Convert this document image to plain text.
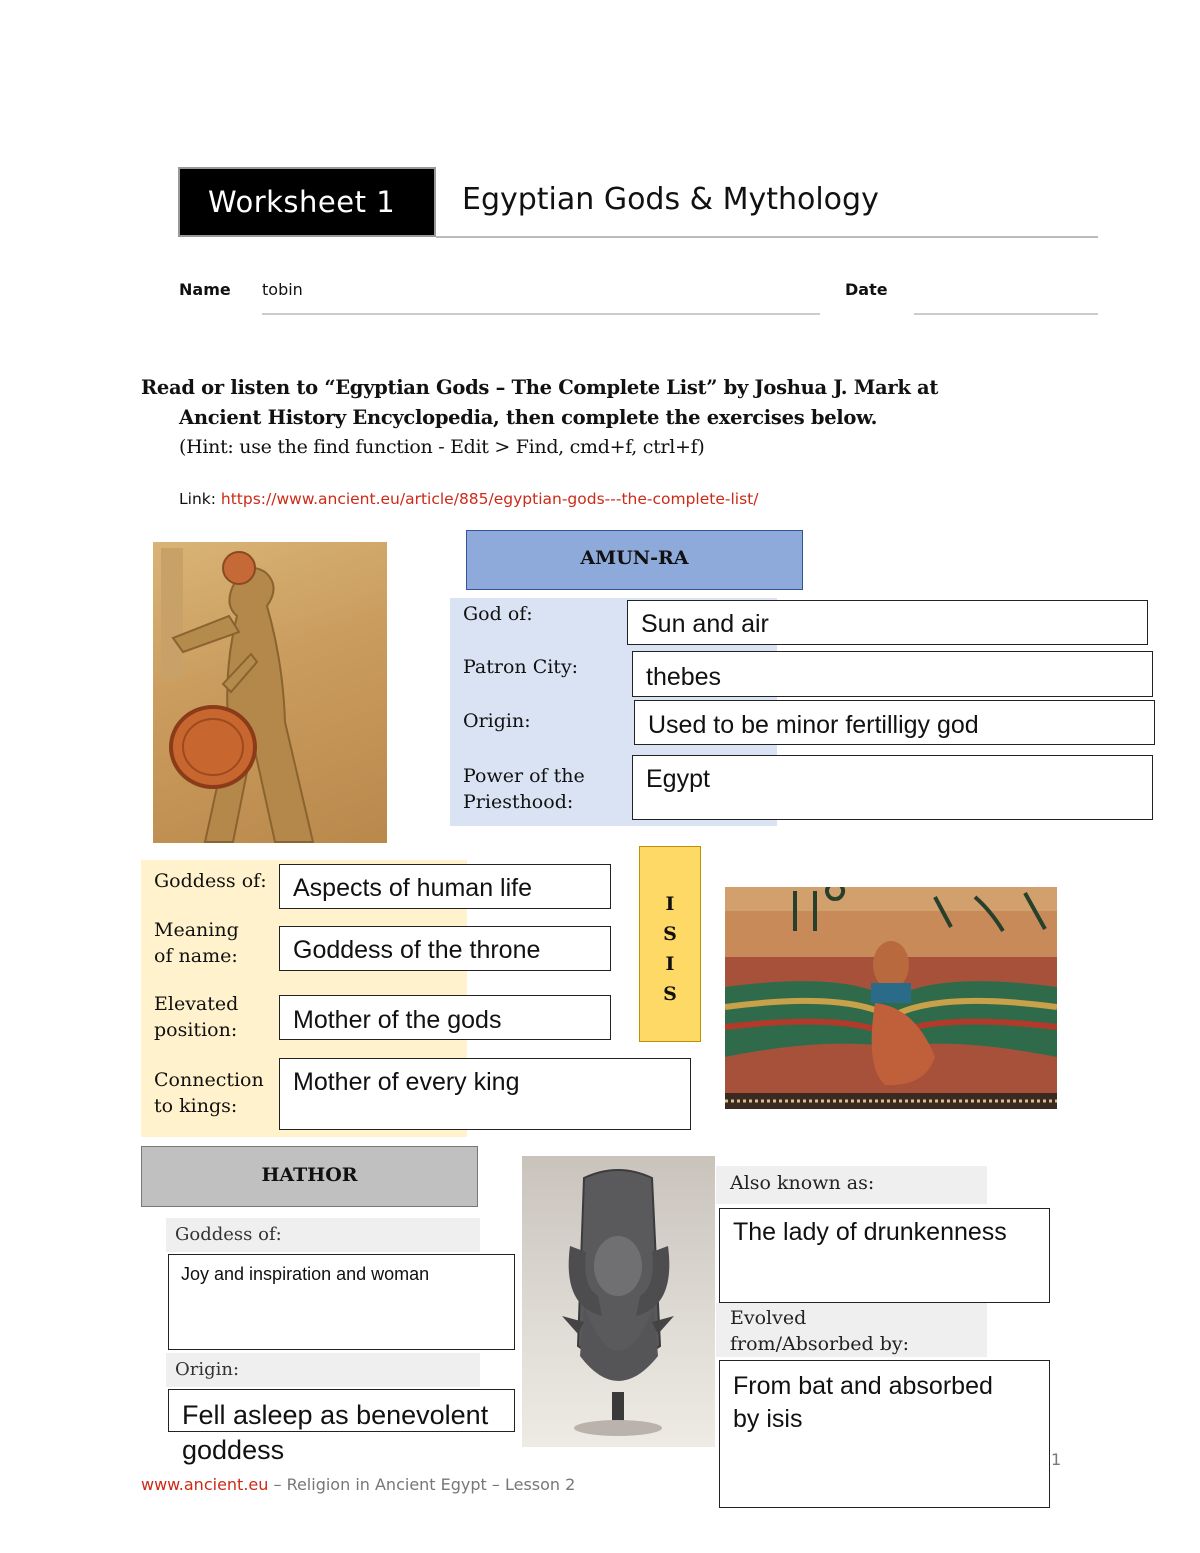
Worksheet 1 Egyptian Gods & Mythology
Name tobin	Date
Read or listen to “Egyptian Gods – The Complete List” by Joshua J. Mark at
Ancient History Encyclopedia, then complete the exercises below.
(Hint: use the find function - Edit > Find, cmd+f, ctrl+f)
Link: https://www.ancient.eu/article/885/egyptian-gods---the-complete-list/
AMUN-RA
God of:	Sun and air
Patron City:	thebes
Origin:	Used to be minor fertilligy god
Power of the
Priesthood:
Egypt
Goddess of: Aspects of human life
Meaning
of name: Goddess of the throne
Elevated
position: Mother of the gods
Connection
to kings:
Mother of every king
I
S
I
S
HATHOR
Goddess of:
Joy and inspiration and woman
Origin:
Fell asleep as benevolent
goddess
Also known as:
The lady of drunkenness
Evolved
from/Absorbed by:
From bat and absorbed
by isis
www.ancient.eu – Religion in Ancient Egypt – Lesson 2
1
